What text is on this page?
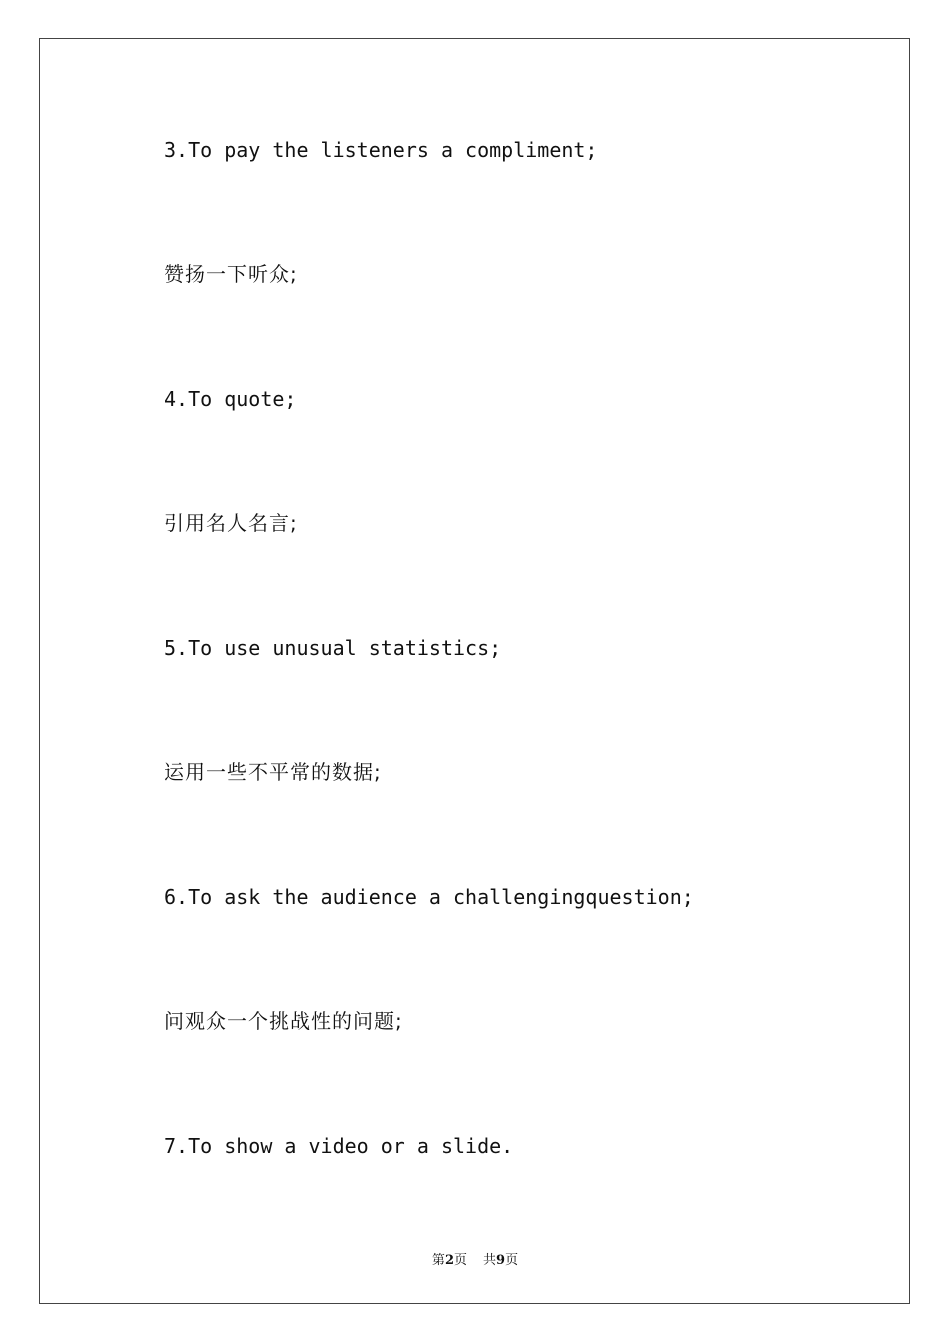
3.To pay the listeners a compliment;
赞扬一下听众;
4.To quote;
引用名人名言;
5.To use unusual statistics;
运用一些不平常的数据;
6.To ask the audience a challengingquestion;
问观众一个挑战性的问题;
7.To show a video or a slide.
第2页 共9页
